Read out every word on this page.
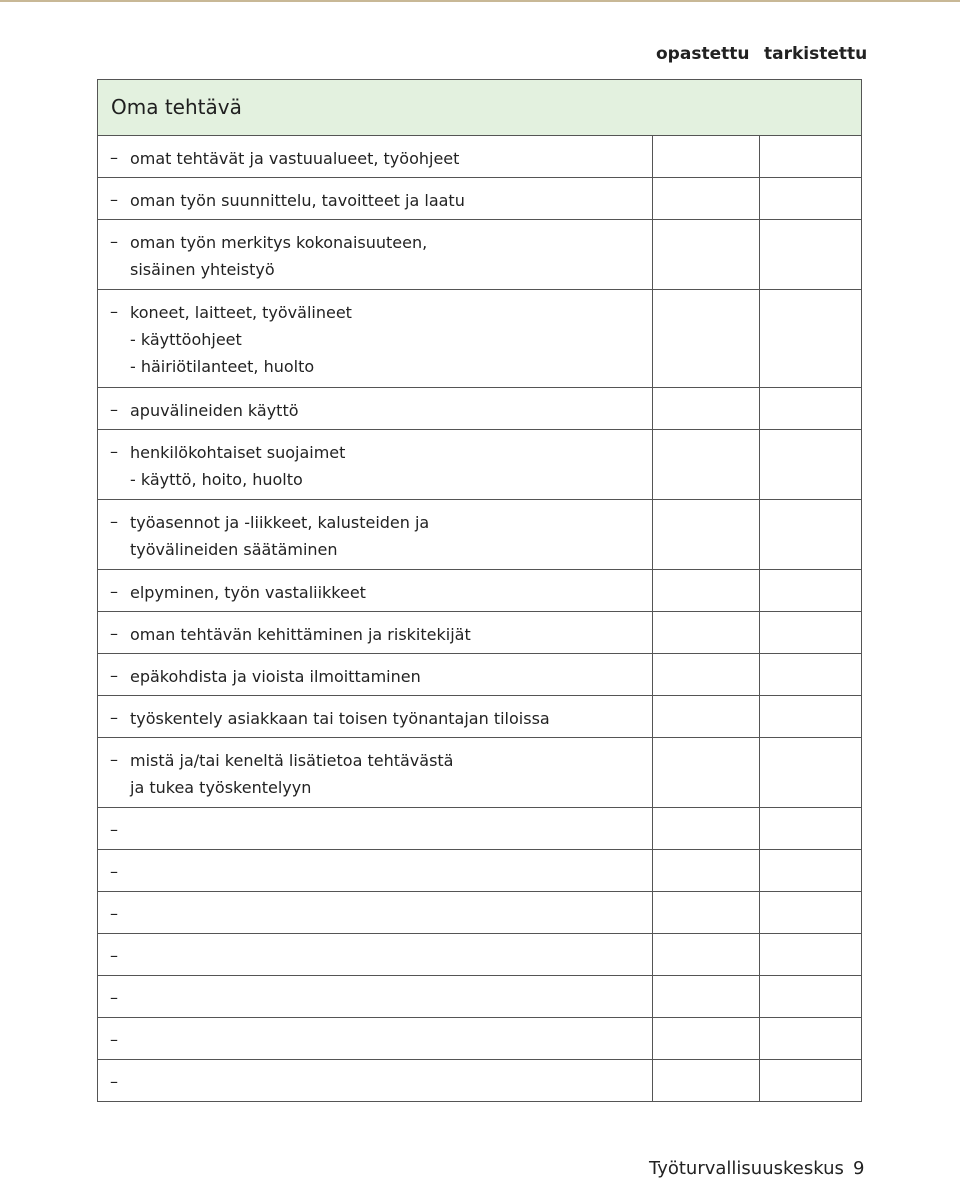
opastettu tarkistettu
Oma tehtävä
– omat tehtävät ja vastuualueet, työohjeet
– oman työn suunnittelu, tavoitteet ja laatu
– oman työn merkitys kokonaisuuteen,
sisäinen yhteistyö
– koneet, laitteet, työvälineet
- käyttöohjeet
- häiriötilanteet, huolto
– apuvälineiden käyttö
– henkilökohtaiset suojaimet
- käyttö, hoito, huolto
– työasennot ja -liikkeet, kalusteiden ja
työvälineiden säätäminen
– elpyminen, työn vastaliikkeet
– oman tehtävän kehittäminen ja riskitekijät
– epäkohdista ja vioista ilmoittaminen
– työskentely asiakkaan tai toisen työnantajan tiloissa
– mistä ja/tai keneltä lisätietoa tehtävästä
ja tukea työskentelyyn
–
–
–
–
–
–
–
Työturvallisuuskeskus 9
